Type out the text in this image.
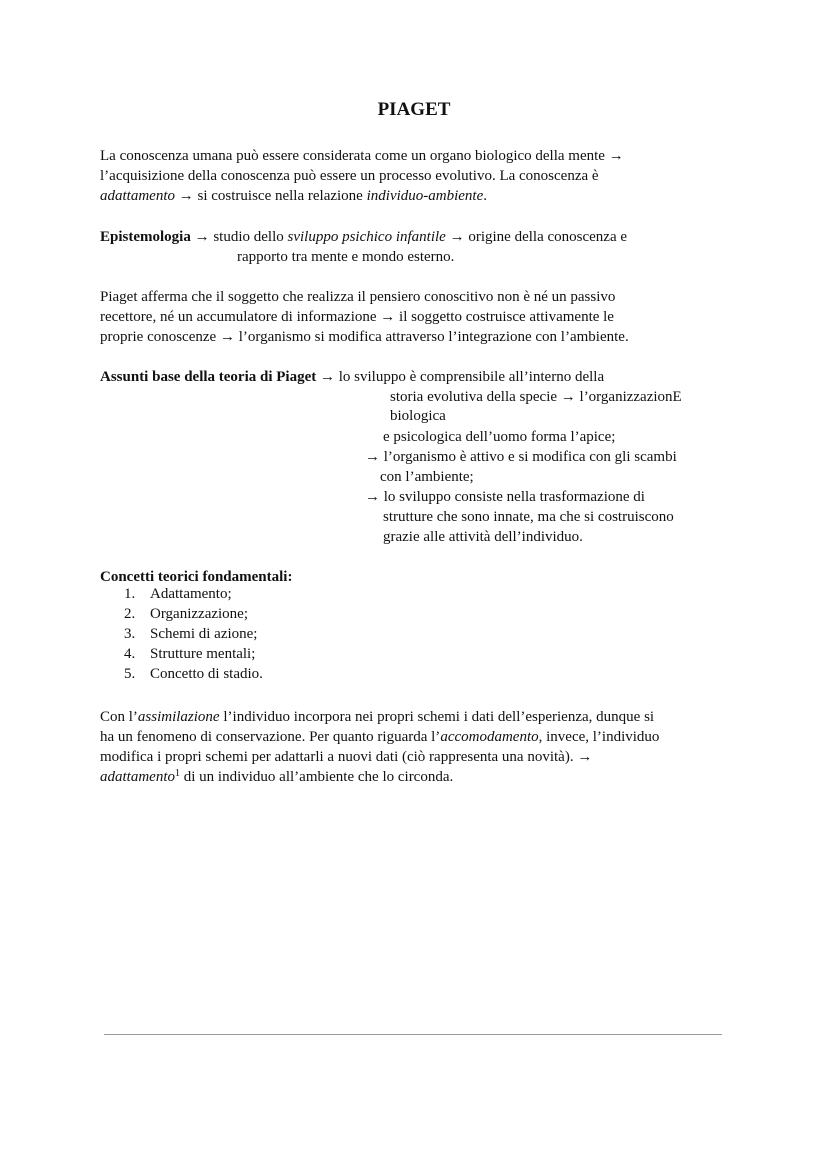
PIAGET
La conoscenza umana può essere considerata come un organo biologico della mente →
l’acquisizione della conoscenza può essere un processo evolutivo. La conoscenza è
adattamento → si costruisce nella relazione individuo-ambiente.
Epistemologia → studio dello sviluppo psichico infantile → origine della conoscenza e
rapporto tra mente e mondo esterno.
Piaget afferma che il soggetto che realizza il pensiero conoscitivo non è né un passivo
recettore, né un accumulatore di informazione → il soggetto costruisce attivamente le
proprie conoscenze → l’organismo si modifica attraverso l’integrazione con l’ambiente.
Assunti base della teoria di Piaget → lo sviluppo è comprensibile all’interno della
storia evolutiva della specie → l’organizzazionE
biologica
e psicologica dell’uomo forma l’apice;
→ l’organismo è attivo e si modifica con gli scambi
con l’ambiente;
→ lo sviluppo consiste nella trasformazione di
strutture che sono innate, ma che si costruiscono
grazie alle attività dell’individuo.
Concetti teorici fondamentali:
1. Adattamento;
2. Organizzazione;
3. Schemi di azione;
4. Strutture mentali;
5. Concetto di stadio.
Con l’assimilazione l’individuo incorpora nei propri schemi i dati dell’esperienza, dunque si
ha un fenomeno di conservazione. Per quanto riguarda l’accomodamento, invece, l’individuo
modifica i propri schemi per adattarli a nuovi dati (ciò rappresenta una novità). →
adattamento$^1$ di un individuo all’ambiente che lo circonda.
